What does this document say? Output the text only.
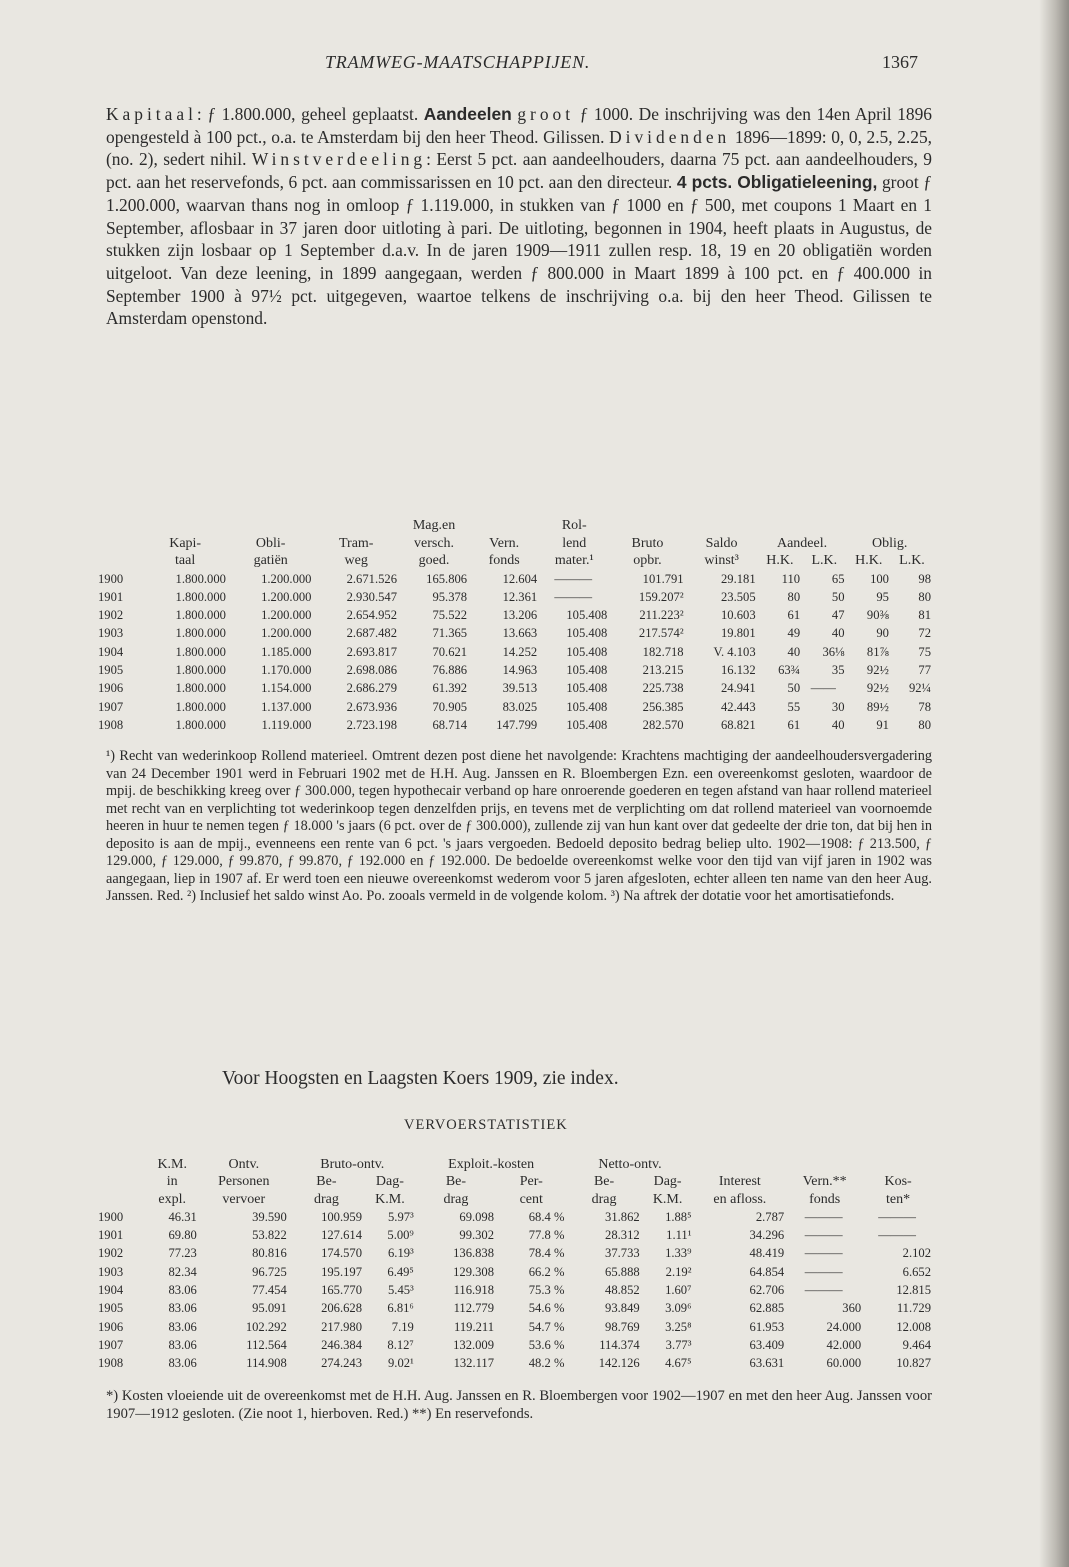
TRAMWEG-MAATSCHAPPIJEN.	1367

Kapitaal: ƒ 1.800.000, geheel geplaatst. Aandeelen groot ƒ 1000. De inschrijving was den 14en April 1896 opengesteld à 100 pct., o.a. te Amsterdam bij den heer Theod. Gilissen. Dividenden 1896—1899: 0, 0, 2.5, 2.25, (no. 2), sedert nihil. Winstverdeeling: Eerst 5 pct. aan aandeelhouders, daarna 75 pct. aan aandeelhouders, 9 pct. aan het reservefonds, 6 pct. aan commissarissen en 10 pct. aan den directeur. 4 pcts. Obligatieleening, groot ƒ 1.200.000, waarvan thans nog in omloop ƒ 1.119.000, in stukken van ƒ 1000 en ƒ 500, met coupons 1 Maart en 1 September, aflosbaar in 37 jaren door uitloting à pari. De uitloting, begonnen in 1904, heeft plaats in Augustus, de stukken zijn losbaar op 1 September d.a.v. In de jaren 1909—1911 zullen resp. 18, 19 en 20 obligatiën worden uitgeloot. Van deze leening, in 1899 aangegaan, werden ƒ 800.000 in Maart 1899 à 100 pct. en ƒ 400.000 in September 1900 à 97½ pct. uitgegeven, waartoe telkens de inschrijving o.a. bij den heer Theod. Gilissen te Amsterdam openstond.

				Mag.en		Rol-						
	Kapi-	Obli-	Tram-	versch.	Vern.	lend	Bruto	Saldo	Aandeel.		Oblig.	
	taal	gatiën	weg	goed.	fonds	mater.¹	opbr.	winst³	H.K.	L.K.	H.K.	L.K.
1900	1.800.000	1.200.000	2.671.526	165.806	12.604	———	101.791	29.181	110	65	100	98
1901	1.800.000	1.200.000	2.930.547	95.378	12.361	———	159.207²	23.505	80	50	95	80
1902	1.800.000	1.200.000	2.654.952	75.522	13.206	105.408	211.223²	10.603	61	47	90⅜	81
1903	1.800.000	1.200.000	2.687.482	71.365	13.663	105.408	217.574²	19.801	49	40	90	72
1904	1.800.000	1.185.000	2.693.817	70.621	14.252	105.408	182.718	V. 4.103	40	36⅛	81⅞	75
1905	1.800.000	1.170.000	2.698.086	76.886	14.963	105.408	213.215	16.132	63¾	35	92½	77
1906	1.800.000	1.154.000	2.686.279	61.392	39.513	105.408	225.738	24.941	50	——	92½	92¼
1907	1.800.000	1.137.000	2.673.936	70.905	83.025	105.408	256.385	42.443	55	30	89½	78
1908	1.800.000	1.119.000	2.723.198	68.714	147.799	105.408	282.570	68.821	61	40	91	80

¹) Recht van wederinkoop Rollend materieel. Omtrent dezen post diene het navolgende: Krachtens machtiging der aandeelhoudersvergadering van 24 December 1901 werd in Februari 1902 met de H.H. Aug. Janssen en R. Bloembergen Ezn. een overeenkomst gesloten, waardoor de mpij. de beschikking kreeg over ƒ 300.000, tegen hypothecair verband op hare onroerende goederen en tegen afstand van haar rollend materieel met recht van en verplichting tot wederinkoop tegen denzelfden prijs, en tevens met de verplichting om dat rollend materieel van voornoemde heeren in huur te nemen tegen ƒ 18.000 's jaars (6 pct. over de ƒ 300.000), zullende zij van hun kant over dat gedeelte der drie ton, dat bij hen in deposito is aan de mpij., evenneens een rente van 6 pct. 's jaars vergoeden. Bedoeld deposito bedrag beliep ulto. 1902—1908: ƒ 213.500, ƒ 129.000, ƒ 129.000, ƒ 99.870, ƒ 99.870, ƒ 192.000 en ƒ 192.000. De bedoelde overeenkomst welke voor den tijd van vijf jaren in 1902 was aangegaan, liep in 1907 af. Er werd toen een nieuwe overeenkomst wederom voor 5 jaren afgesloten, echter alleen ten name van den heer Aug. Janssen. Red. ²) Inclusief het saldo winst Ao. Po. zooals vermeld in de volgende kolom. ³) Na aftrek der dotatie voor het amortisatiefonds.

Voor Hoogsten en Laagsten Koers 1909, zie index.
VERVOERSTATISTIEK
	K.M.	Ontv.	Bruto-ontv.		Exploit.-kosten		Netto-ontv.				
	in	Personen	Be-	Dag-	Be-	Per-	Be-	Dag-	Interest	Vern.**	Kos-
	expl.	vervoer	drag	K.M.	drag	cent	drag	K.M.	en afloss.	fonds	ten*
1900	46.31	39.590	100.959	5.97³	69.098	68.4 %	31.862	1.88⁵	2.787	———	———
1901	69.80	53.822	127.614	5.00⁹	99.302	77.8 %	28.312	1.11¹	34.296	———	———
1902	77.23	80.816	174.570	6.19³	136.838	78.4 %	37.733	1.33⁹	48.419	———	2.102
1903	82.34	96.725	195.197	6.49⁵	129.308	66.2 %	65.888	2.19²	64.854	———	6.652
1904	83.06	77.454	165.770	5.45³	116.918	75.3 %	48.852	1.60⁷	62.706	———	12.815
1905	83.06	95.091	206.628	6.81⁶	112.779	54.6 %	93.849	3.09⁶	62.885	360	11.729
1906	83.06	102.292	217.980	7.19	119.211	54.7 %	98.769	3.25⁸	61.953	24.000	12.008
1907	83.06	112.564	246.384	8.12⁷	132.009	53.6 %	114.374	3.77³	63.409	42.000	9.464
1908	83.06	114.908	274.243	9.02¹	132.117	48.2 %	142.126	4.67⁵	63.631	60.000	10.827

*) Kosten vloeiende uit de overeenkomst met de H.H. Aug. Janssen en R. Bloembergen voor 1902—1907 en met den heer Aug. Janssen voor 1907—1912 gesloten. (Zie noot 1, hierboven. Red.) **) En reservefonds.
